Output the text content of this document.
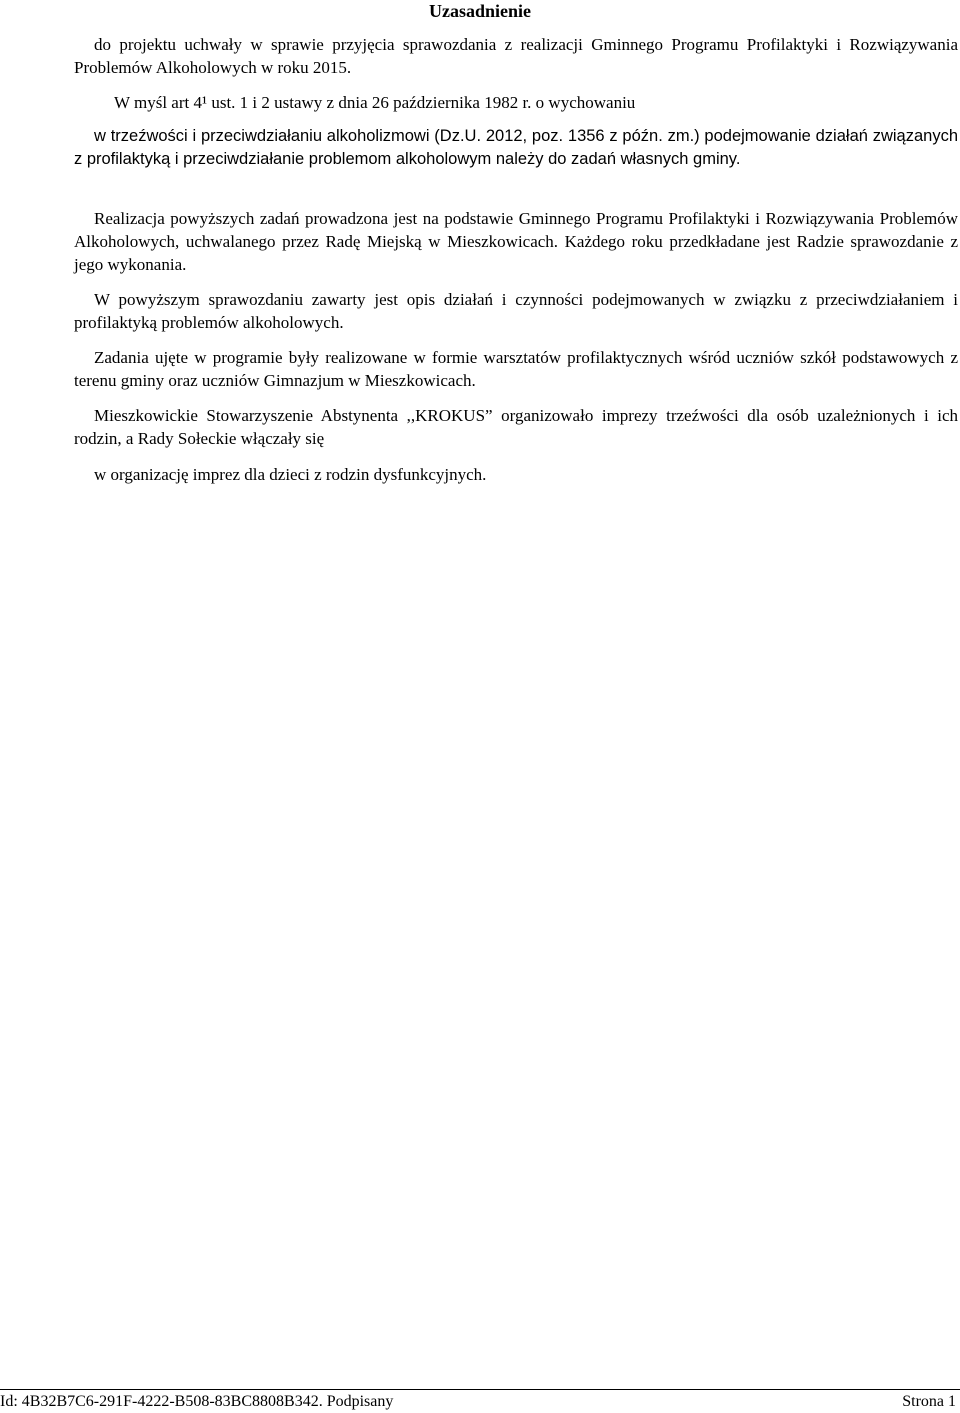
Uzasadnienie

do projektu uchwały w sprawie przyjęcia sprawozdania z realizacji Gminnego Programu Profilaktyki i Rozwiązywania Problemów Alkoholowych w roku 2015.

W myśl art 4¹ ust. 1 i 2 ustawy z dnia 26 października 1982 r. o wychowaniu

w trzeźwości i przeciwdziałaniu alkoholizmowi (Dz.U. 2012, poz. 1356 z późn. zm.) podejmowanie działań związanych z profilaktyką i przeciwdziałanie problemom alkoholowym należy do zadań własnych gminy.

Realizacja powyższych zadań prowadzona jest na podstawie Gminnego Programu Profilaktyki i Rozwiązywania Problemów Alkoholowych, uchwalanego przez Radę Miejską w Mieszkowicach. Każdego roku przedkładane jest Radzie sprawozdanie z jego wykonania.

W powyższym sprawozdaniu zawarty jest opis działań i czynności podejmowanych w związku z przeciwdziałaniem i profilaktyką problemów alkoholowych.

Zadania ujęte w programie były realizowane w formie warsztatów profilaktycznych wśród uczniów szkół podstawowych z terenu gminy oraz uczniów Gimnazjum w Mieszkowicach.

Mieszkowickie Stowarzyszenie Abstynenta ,,KROKUS” organizowało imprezy trzeźwości dla osób uzależnionych i ich rodzin, a Rady Sołeckie włączały się

w organizację imprez dla dzieci z rodzin dysfunkcyjnych.

Id: 4B32B7C6-291F-4222-B508-83BC8808B342. Podpisany	Strona 1
